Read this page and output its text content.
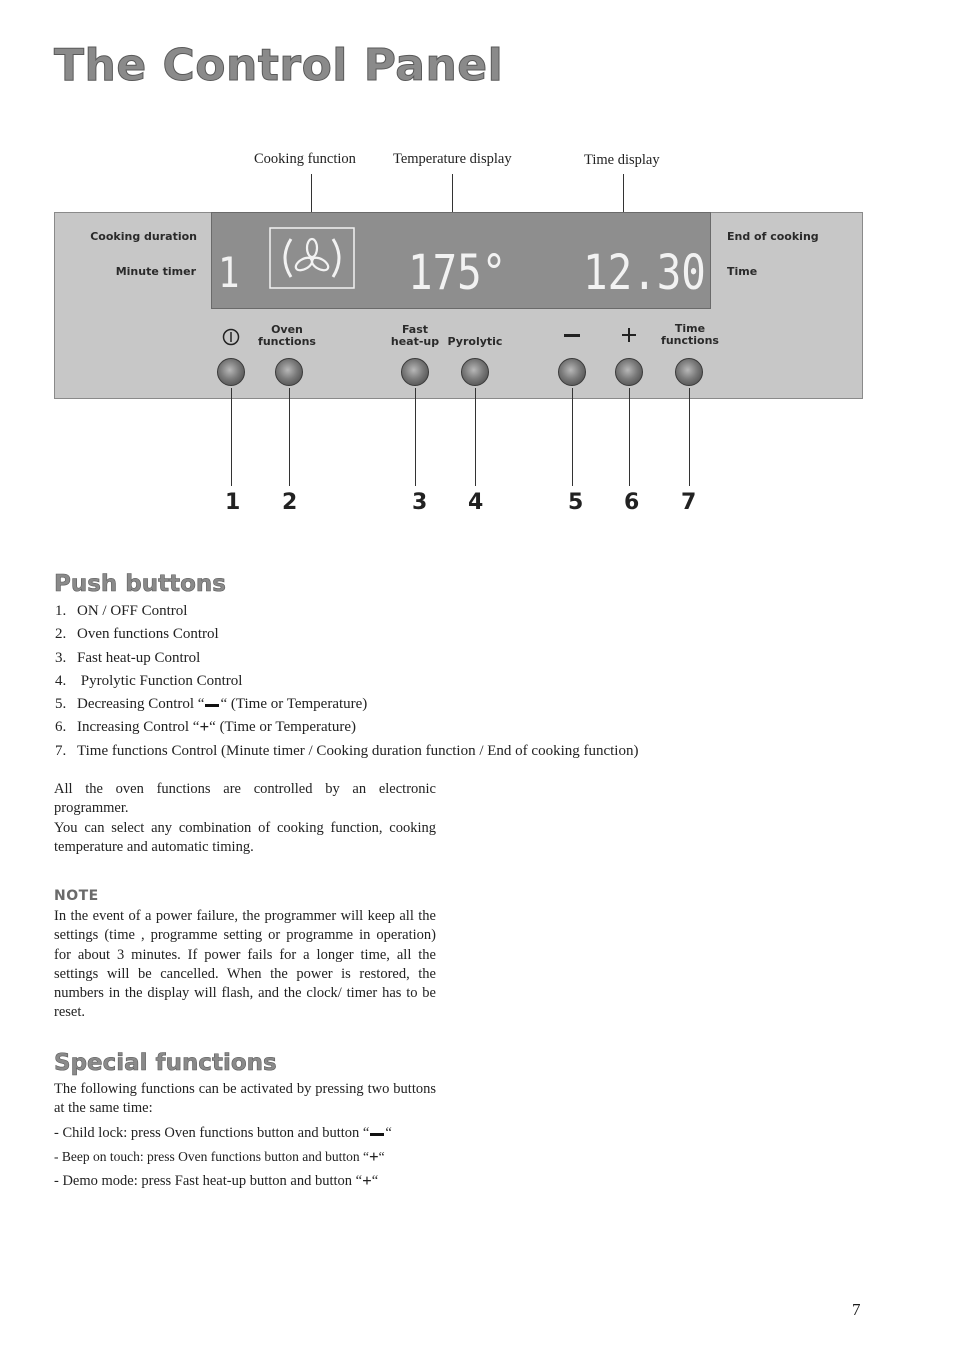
The Control Panel
Cooking function	Temperature display	Time display
Cooking duration
Minute timer
End of cooking
Time
1	175° 12.30
Oven
functions
Fast
heat-up Pyrolytic
Time
functions
1 2	3 4	5 6 7
Push buttons
1. ON / OFF Control
2. Oven functions Control
3. Fast heat-up Control
4. Pyrolytic Function Control
5. Decreasing Control “ “ (Time or Temperature)
6. Increasing Control “+“ (Time or Temperature)
7. Time functions Control (Minute timer / Cooking duration function / End of cooking function)
All the oven functions are controlled by an electronic programmer.
You can select any combination of cooking function, cooking temperature and automatic timing.
NOTE
In the event of a power failure, the programmer will keep all the settings (time , programme setting or programme in operation) for about 3 minutes. If power fails for a longer time, all the settings will be cancelled. When the power is restored, the numbers in the display will flash, and the clock/ timer has to be reset.
Special functions
The following functions can be activated by pressing two buttons at the same time:
- Child lock: press Oven functions button and button “ “
- Beep on touch: press Oven functions button and button “+“
- Demo mode: press Fast heat-up button and button “+“
7
